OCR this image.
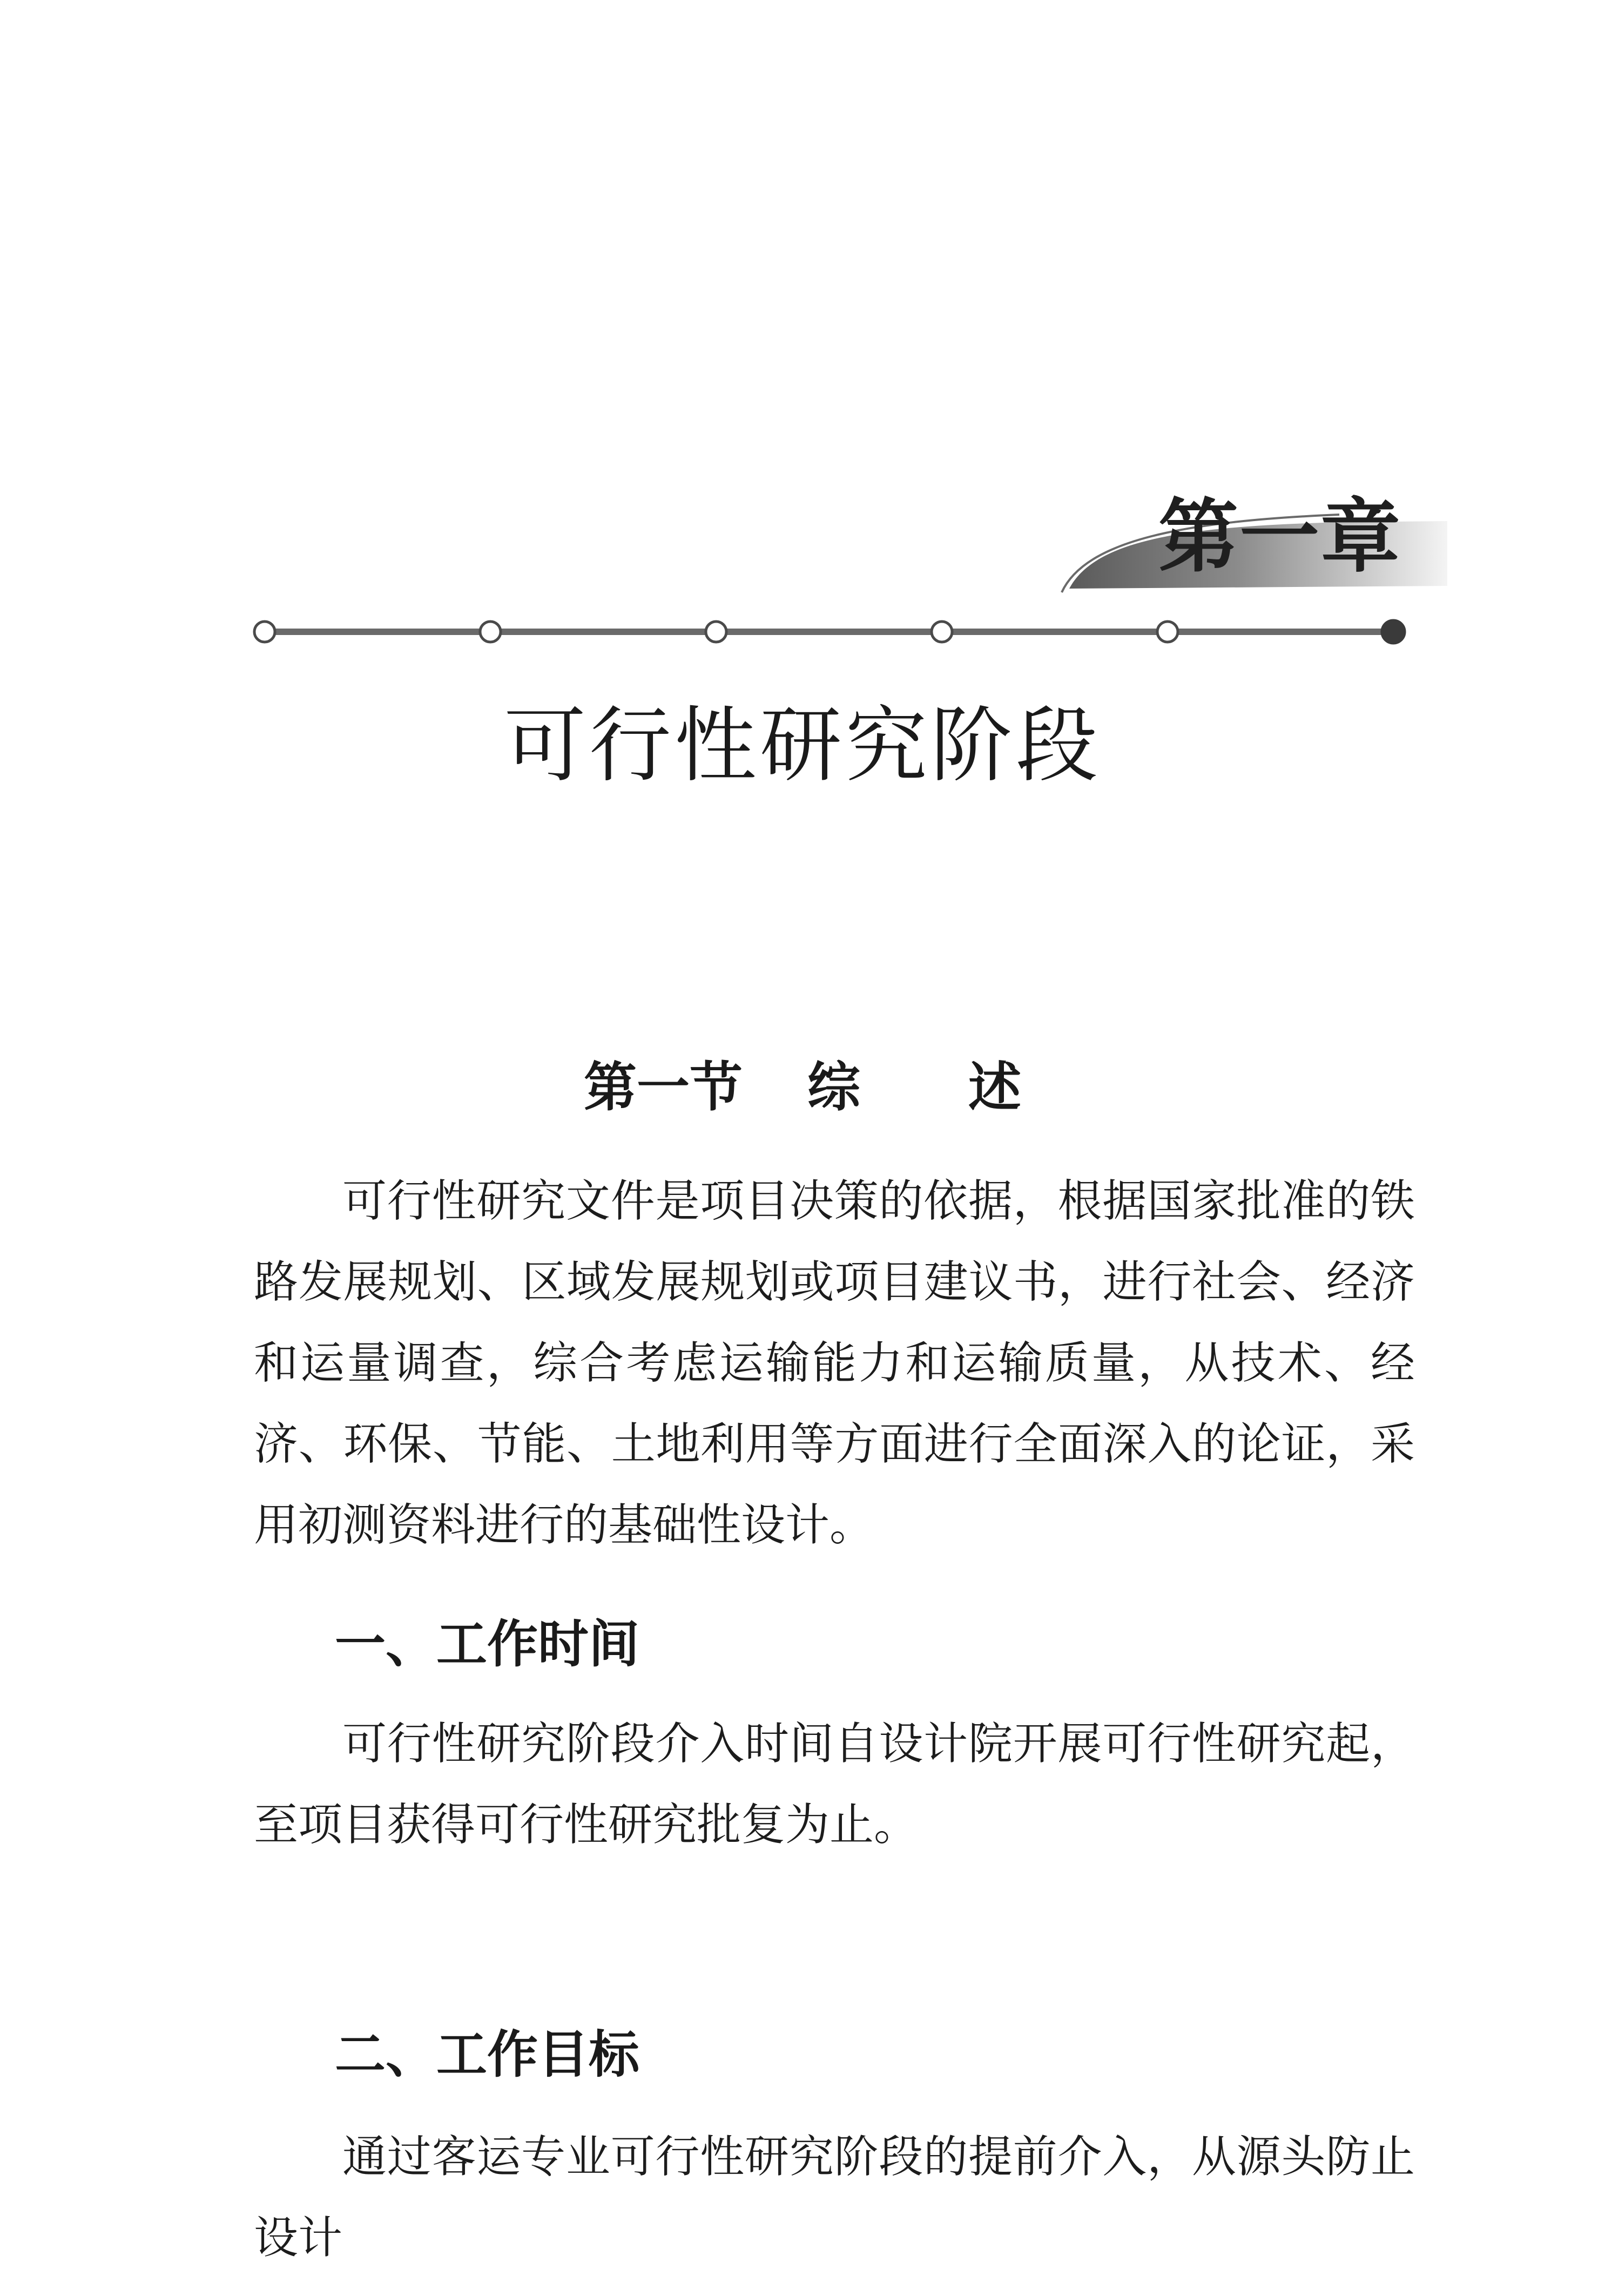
第一章
可行性研究阶段
第一节 综述

可行性研究文件是项目决策的依据，根据国家批准的铁路发展规划、区域发展规划或项目建议书，进行社会、经济和运量调查，综合考虑运输能力和运输质量，从技术、经济、环保、节能、土地利用等方面进行全面深入的论证，采用初测资料进行的基础性设计。

一、工作时间

可行性研究阶段介入时间自设计院开展可行性研究起，至项目获得可行性研究批复为止。

二、工作目标

通过客运专业可行性研究阶段的提前介入，从源头防止设计
